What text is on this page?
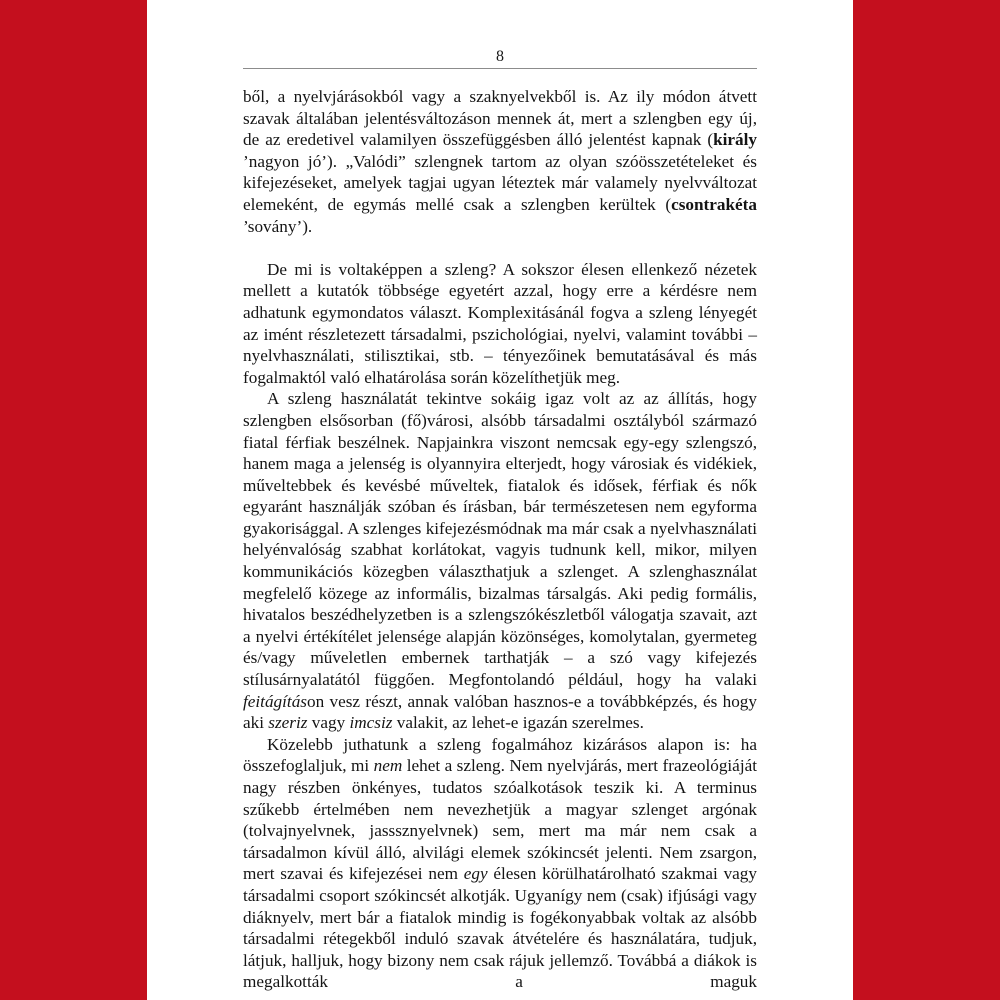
8

ből, a nyelvjárásokból vagy a szaknyelvekből is. Az ily módon átvett szavak általában jelentésváltozáson mennek át, mert a szlengben egy új, de az eredetivel valamilyen összefüggésben álló jelentést kapnak (király ’nagyon jó’). „Valódi” szlengnek tartom az olyan szóösszetételeket és kifejezéseket, amelyek tagjai ugyan léteztek már valamely nyelvváltozat elemeként, de egymás mellé csak a szlengben kerültek (csontrakéta ’sovány’).

De mi is voltaképpen a szleng? A sokszor élesen ellenkező nézetek mellett a kutatók többsége egyetért azzal, hogy erre a kérdésre nem adhatunk egymondatos választ. Komplexitásánál fogva a szleng lényegét az imént részletezett társadalmi, pszichológiai, nyelvi, valamint további – nyelvhasználati, stilisztikai, stb. – tényezőinek bemutatásával és más fogalmaktól való elhatárolása során közelíthetjük meg.

A szleng használatát tekintve sokáig igaz volt az az állítás, hogy szlengben elsősorban (fő)városi, alsóbb társadalmi osztályból származó fiatal férfiak beszélnek. Napjainkra viszont nemcsak egy-egy szlengszó, hanem maga a jelenség is olyannyira elterjedt, hogy városiak és vidékiek, műveltebbek és kevésbé műveltek, fiatalok és idősek, férfiak és nők egyaránt használják szóban és írásban, bár természetesen nem egyforma gyakorisággal. A szlenges kifejezésmódnak ma már csak a nyelvhasználati helyénvalóság szabhat korlátokat, vagyis tudnunk kell, mikor, milyen kommunikációs közegben választhatjuk a szlenget. A szlenghasználat megfelelő közege az informális, bizalmas társalgás. Aki pedig formális, hivatalos beszédhelyzetben is a szlengszókészletből válogatja szavait, azt a nyelvi értékítélet jelensége alapján közönséges, komolytalan, gyermeteg és/vagy műveletlen embernek tarthatják – a szó vagy kifejezés stílusárnyalatától függően. Megfontolandó például, hogy ha valaki feitágításon vesz részt, annak valóban hasznos-e a továbbképzés, és hogy aki szeriz vagy imcsiz valakit, az lehet-e igazán szerelmes.

Közelebb juthatunk a szleng fogalmához kizárásos alapon is: ha összefoglaljuk, mi nem lehet a szleng. Nem nyelvjárás, mert frazeológiáját nagy részben önkényes, tudatos szóalkotások teszik ki. A terminus szűkebb értelmében nem nevezhetjük a magyar szlenget argónak (tolvajnyelvnek, jasssznyelvnek) sem, mert ma már nem csak a társadalmon kívül álló, alvilági elemek szókincsét jelenti. Nem zsargon, mert szavai és kifejezései nem egy élesen körülhatárolható szakmai vagy társadalmi csoport szókincsét alkotják. Ugyanígy nem (csak) ifjúsági vagy diáknyelv, mert bár a fiatalok mindig is fogékonyabbak voltak az alsóbb társadalmi rétegekből induló szavak átvételére és használatára, tudjuk, látjuk, halljuk, hogy bizony nem csak rájuk jellemző. Továbbá a diákok is megalkották a maguk
